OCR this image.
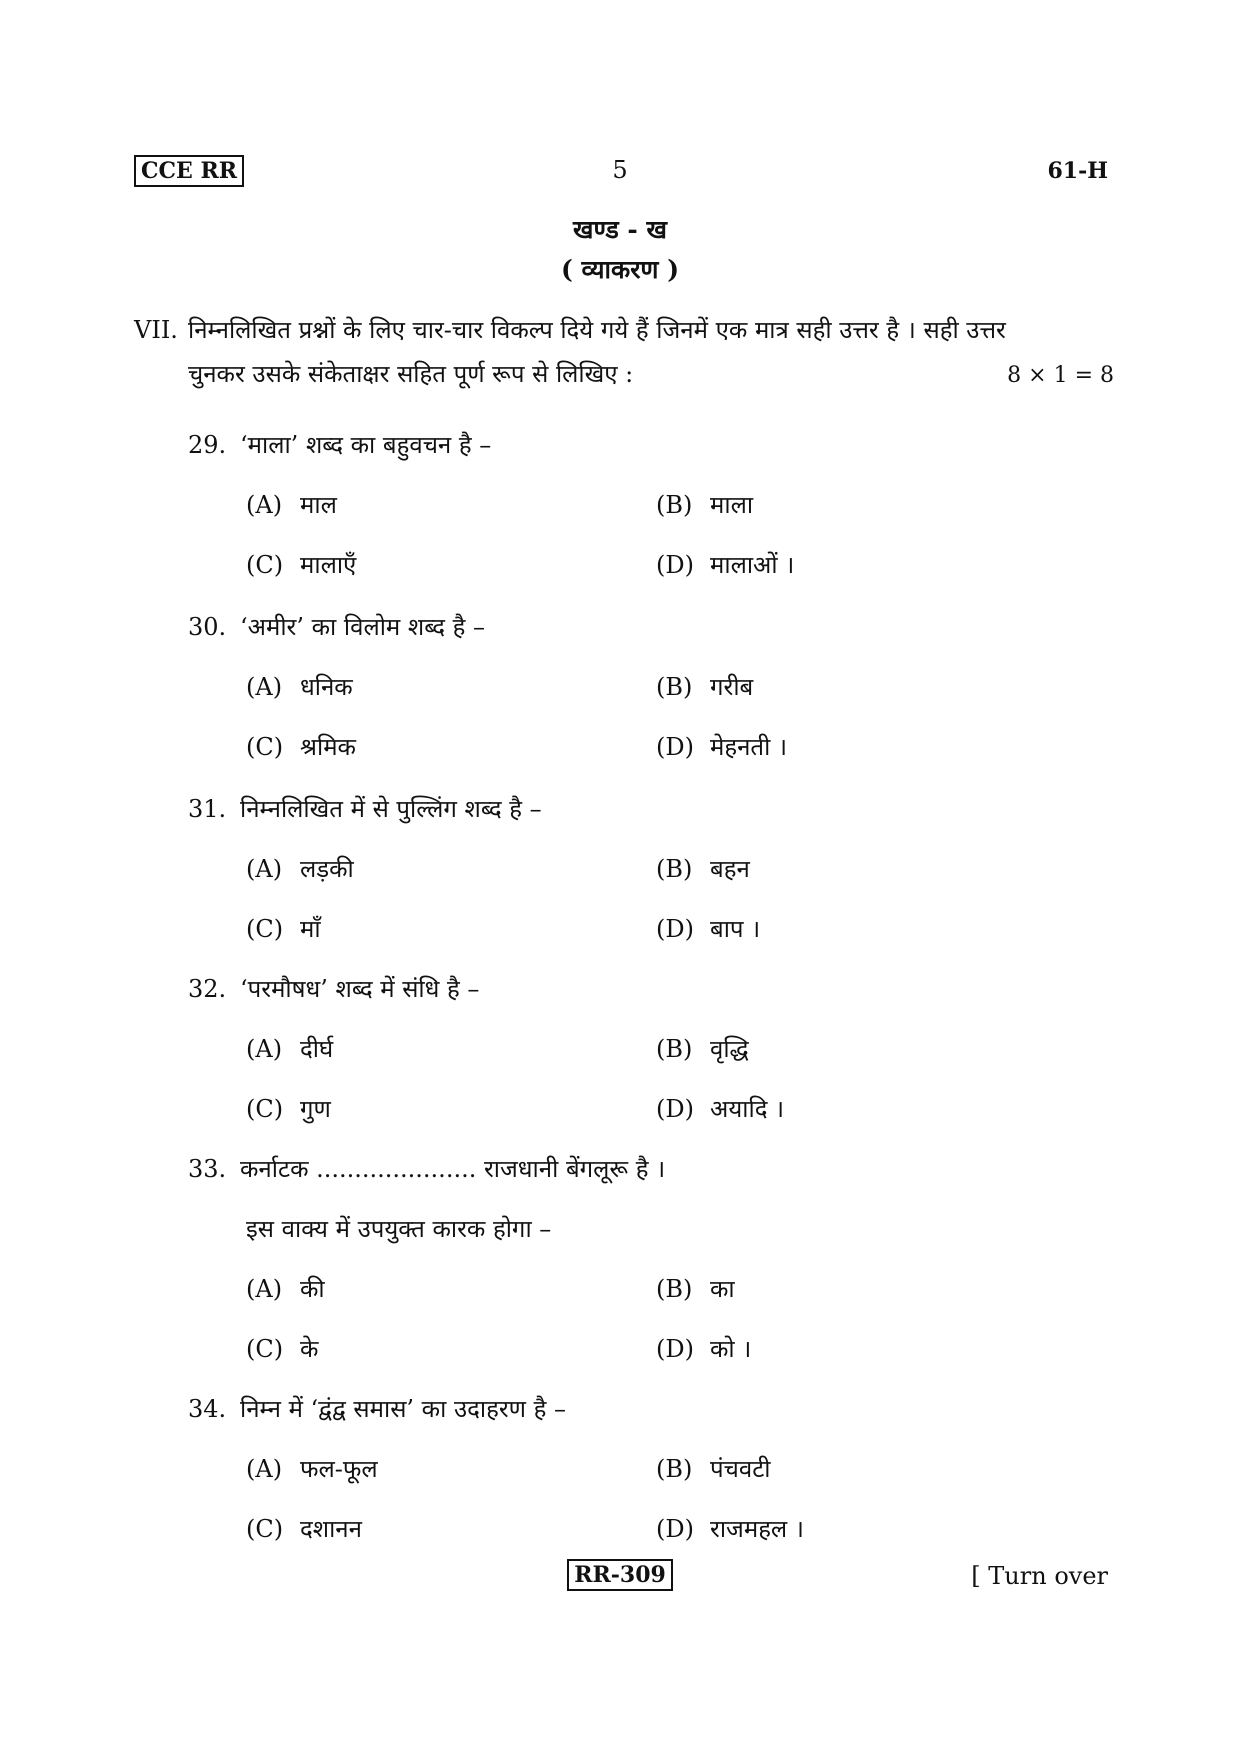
CCE RR	5	61-H
खण्ड - ख
( व्याकरण )
VII. निम्नलिखित प्रश्नों के लिए चार-चार विकल्प दिये गये हैं जिनमें एक मात्र सही उत्तर है । सही उत्तर
चुनकर उसके संकेताक्षर सहित पूर्ण रूप से लिखिए :	8 × 1 = 8
29. ‘माला’ शब्द का बहुवचन है –
(A) माल	(B) माला
(C) मालाएँ	(D) मालाओं ।
30. ‘अमीर’ का विलोम शब्द है –
(A) धनिक	(B) गरीब
(C) श्रमिक	(D) मेहनती ।
31. निम्नलिखित में से पुल्लिंग शब्द है –
(A) लड़की	(B) बहन
(C) माँ	(D) बाप ।
32. ‘परमौषध’ शब्द में संधि है –
(A) दीर्घ	(B) वृद्धि
(C) गुण	(D) अयादि ।
33. कर्नाटक ..................... राजधानी बेंगलूरू है ।
इस वाक्य में उपयुक्त कारक होगा –
(A) की	(B) का
(C) के	(D) को ।
34. निम्न में ‘द्वंद्व समास’ का उदाहरण है –
(A) फल-फूल	(B) पंचवटी
(C) दशानन	(D) राजमहल ।
RR-309	[ Turn over
